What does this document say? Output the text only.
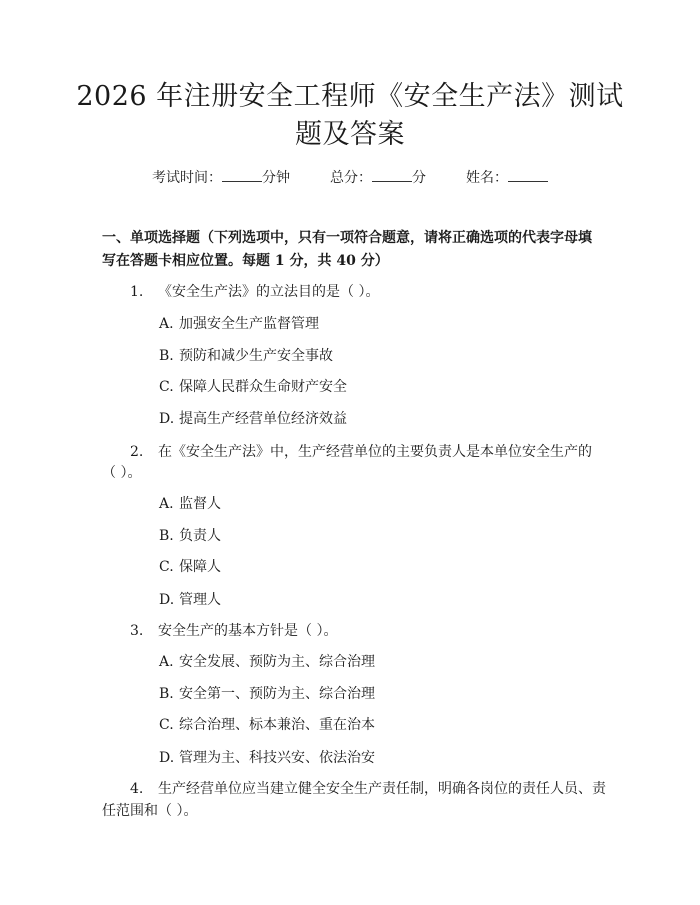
2026 年注册安全工程师《安全生产法》测试
题及答案
考试时间：	分钟	总分：	分	姓名：
一、单项选择题（下列选项中，只有一项符合题意，请将正确选项的代表字母填
写在答题卡相应位置。每题 1 分，共 40 分）
1. 《安全生产法》的立法目的是（ ）。
A. 加强安全生产监督管理
B. 预防和减少生产安全事故
C. 保障人民群众生命财产安全
D. 提高生产经营单位经济效益
2. 在《安全生产法》中，生产经营单位的主要负责人是本单位安全生产的
（ ）。
A. 监督人
B. 负责人
C. 保障人
D. 管理人
3. 安全生产的基本方针是（ ）。
A. 安全发展、预防为主、综合治理
B. 安全第一、预防为主、综合治理
C. 综合治理、标本兼治、重在治本
D. 管理为主、科技兴安、依法治安
4. 生产经营单位应当建立健全安全生产责任制，明确各岗位的责任人员、责
任范围和（ ）。
